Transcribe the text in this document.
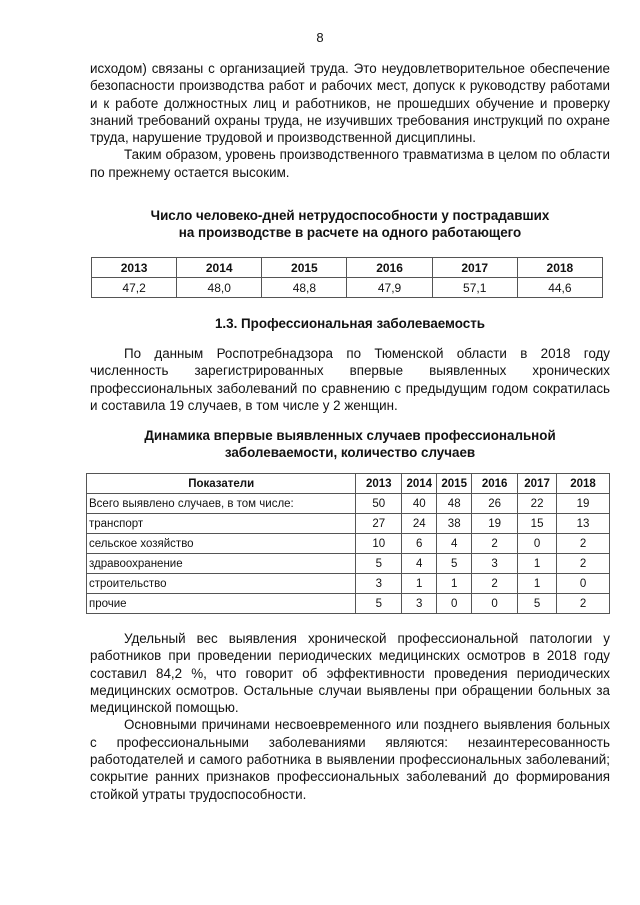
8

исходом) связаны с организацией труда. Это неудовлетворительное обеспечение безопасности производства работ и рабочих мест, допуск к руководству работами и к работе должностных лиц и работников, не прошедших обучение и проверку знаний требований охраны труда, не изучивших требования инструкций по охране труда, нарушение трудовой и производственной дисциплины.

Таким образом, уровень производственного травматизма в целом по области по прежнему остается высоким.

Число человеко-дней нетрудоспособности у пострадавших
на производстве в расчете на одного работающего
2013	2014	2015	2016	2017	2018
47,2	48,0	48,8	47,9	57,1	44,6
1.3. Профессиональная заболеваемость

По данным Роспотребнадзора по Тюменской области в 2018 году численность зарегистрированных впервые выявленных хронических профессиональных заболеваний по сравнению с предыдущим годом сократилась и составила 19 случаев, в том числе у 2 женщин.

Динамика впервые выявленных случаев профессиональной
заболеваемости, количество случаев
Показатели	2013	2014	2015	2016	2017	2018
Всего выявлено случаев, в том числе:	50	40	48	26	22	19
транспорт	27	24	38	19	15	13
сельское хозяйство	10	6	4	2	0	2
здравоохранение	5	4	5	3	1	2
строительство	3	1	1	2	1	0
прочие	5	3	0	0	5	2

Удельный вес выявления хронической профессиональной патологии у работников при проведении периодических медицинских осмотров в 2018 году составил 84,2 %, что говорит об эффективности проведения периодических медицинских осмотров. Остальные случаи выявлены при обращении больных за медицинской помощью.

Основными причинами несвоевременного или позднего выявления больных с профессиональными заболеваниями являются: незаинтересованность работодателей и самого работника в выявлении профессиональных заболеваний; сокрытие ранних признаков профессиональных заболеваний до формирования стойкой утраты трудоспособности.
